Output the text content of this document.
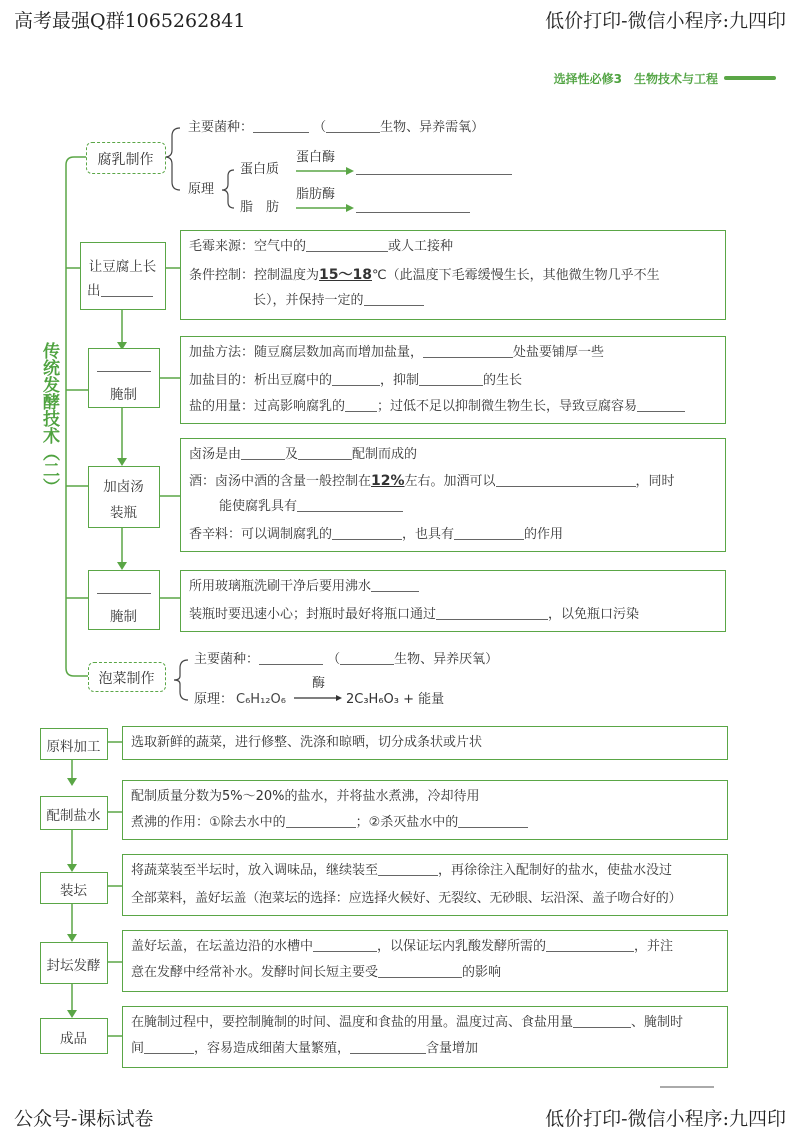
高考最强Q群1065262841	低价打印-微信小程序:九四印
选择性必修3　生物技术与工程
公众号-课标试卷	低价打印-微信小程序:九四印
传统发酵技术（二）
腐乳制作
主要菌种：	（	生物、异养需氧）
原理
蛋白质
蛋白酶
脂　肪
脂肪酶
让豆腐上长
出
毛霉来源：空气中的	或人工接种
条件控制：控制温度为15～18℃（此温度下毛霉缓慢生长，其他微生物几乎不生
长），并保持一定的
腌制
加盐方法：随豆腐层数加高而增加盐量，	处盐要铺厚一些
加盐目的：析出豆腐中的	，抑制	的生长
盐的用量：过高影响腐乳的 ；过低不足以抑制微生物生长，导致豆腐容易
加卤汤
装瓶
卤汤是由	及	配制而成的
酒：卤汤中酒的含量一般控制在12%左右。加酒可以	，同时
能使腐乳具有
香辛料：可以调制腐乳的	，也具有	的作用
腌制
所用玻璃瓶洗刷干净后要用沸水
装瓶时要迅速小心；封瓶时最好将瓶口通过	，以免瓶口污染
泡菜制作
主要菌种：	（	生物、异养厌氧）
原理： C₆H₁₂O₆
酶
2C₃H₆O₃ + 能量
原料加工	选取新鲜的蔬菜，进行修整、洗涤和晾晒，切分成条状或片状
配制盐水
配制质量分数为5%～20%的盐水，并将盐水煮沸，冷却待用
煮沸的作用：①除去水中的	；②杀灭盐水中的
装坛
将蔬菜装至半坛时，放入调味品，继续装至	，再徐徐注入配制好的盐水，使盐水没过
全部菜料，盖好坛盖（泡菜坛的选择：应选择火候好、无裂纹、无砂眼、坛沿深、盖子吻合好的）
封坛发酵
盖好坛盖，在坛盖边沿的水槽中	，以保证坛内乳酸发酵所需的	，并注
意在发酵中经常补水。发酵时间长短主要受	的影响
成品
在腌制过程中，要控制腌制的时间、温度和食盐的用量。温度过高、食盐用量	、腌制时
间	，容易造成细菌大量繁殖，	含量增加
